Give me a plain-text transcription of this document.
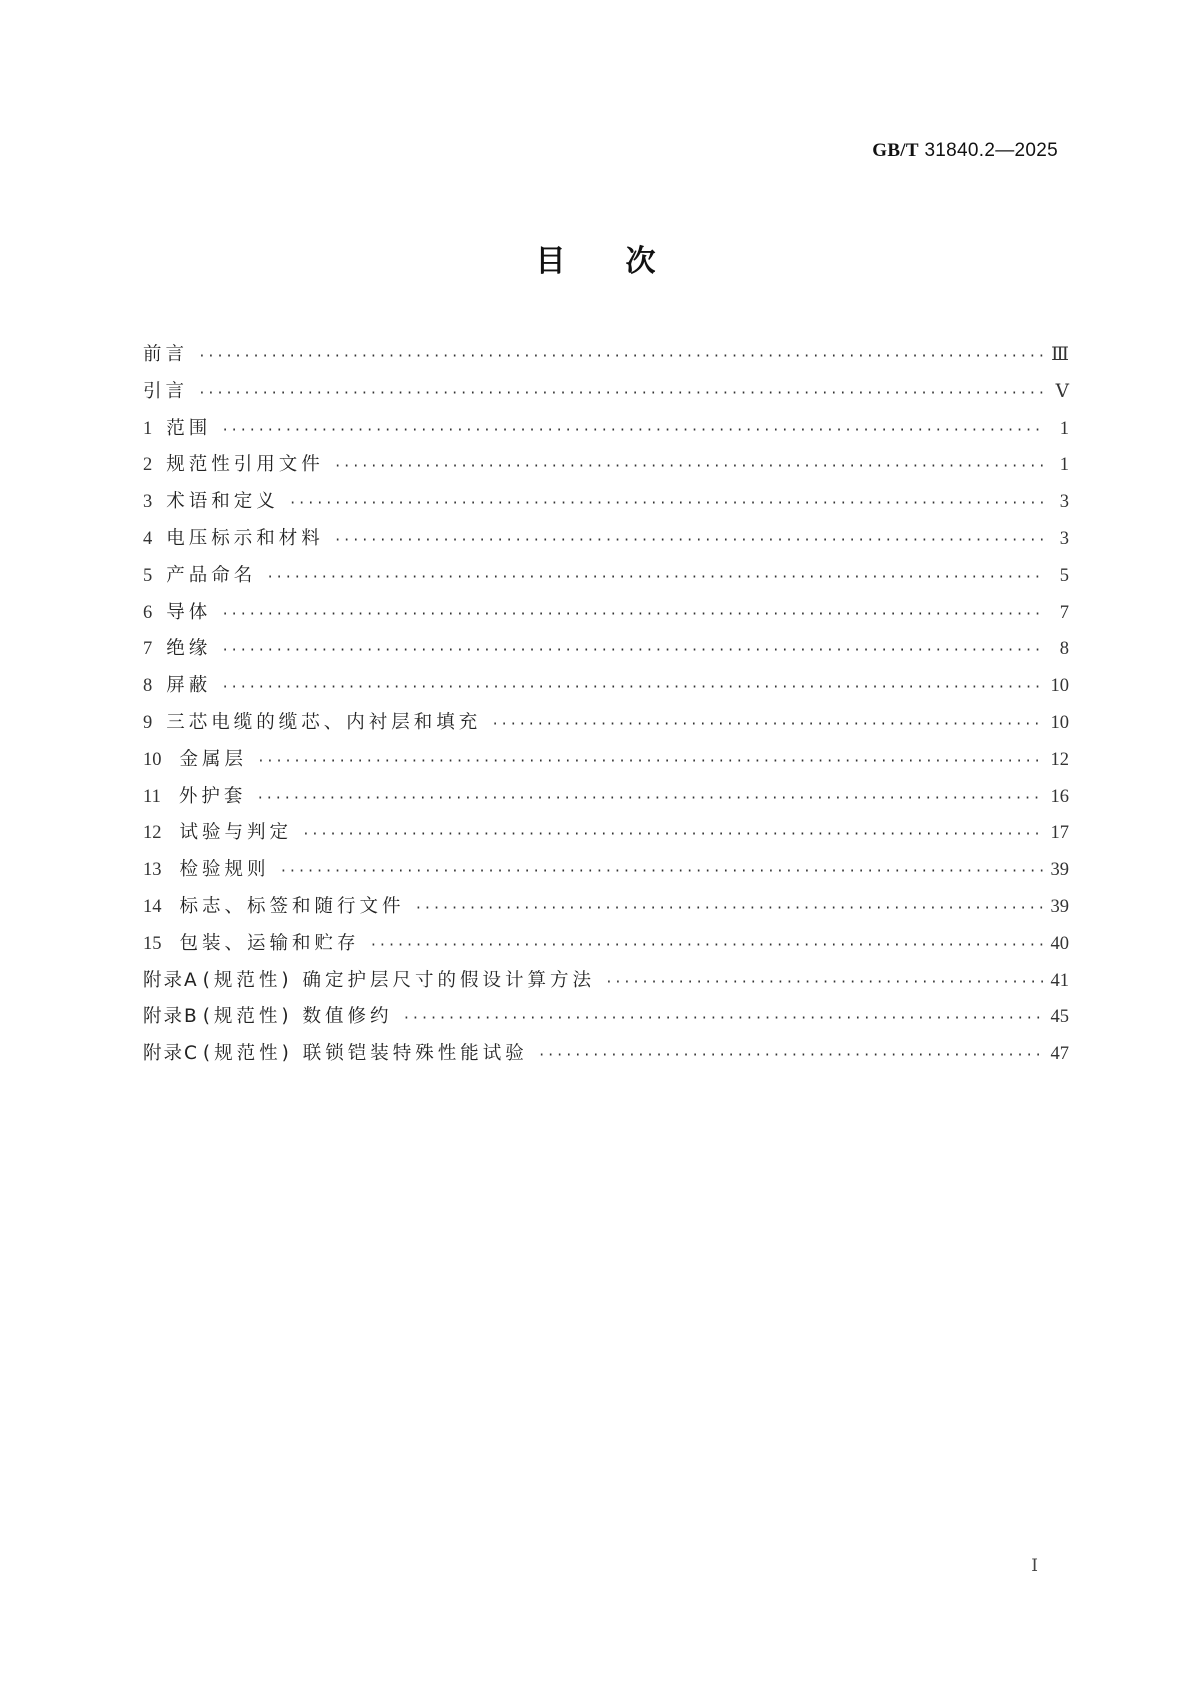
GB/T 31840.2—2025
目次
前言 ·····	Ⅲ
引言 ·····	Ⅴ
1 范围 ·····	1
2 规范性引用文件 ·····	1
3 术语和定义 ·····	3
4 电压标示和材料 ·····	3
5 产品命名 ·····	5
6 导体 ·····	7
7 绝缘 ·····	8
8 屏蔽 ·····	10
9 三芯电缆的缆芯、内衬层和填充 ·····	10
10 金属层 ·····	12
11 外护套 ·····	16
12 试验与判定 ·····	17
13 检验规则 ·····	39
14 标志、标签和随行文件 ·····	39
15 包装、运输和贮存 ·····	40
附录A (规范性) 确定护层尺寸的假设计算方法 ·····	41
附录B (规范性) 数值修约 ·····	45
附录C (规范性) 联锁铠装特殊性能试验 ·····	47
Ⅰ
